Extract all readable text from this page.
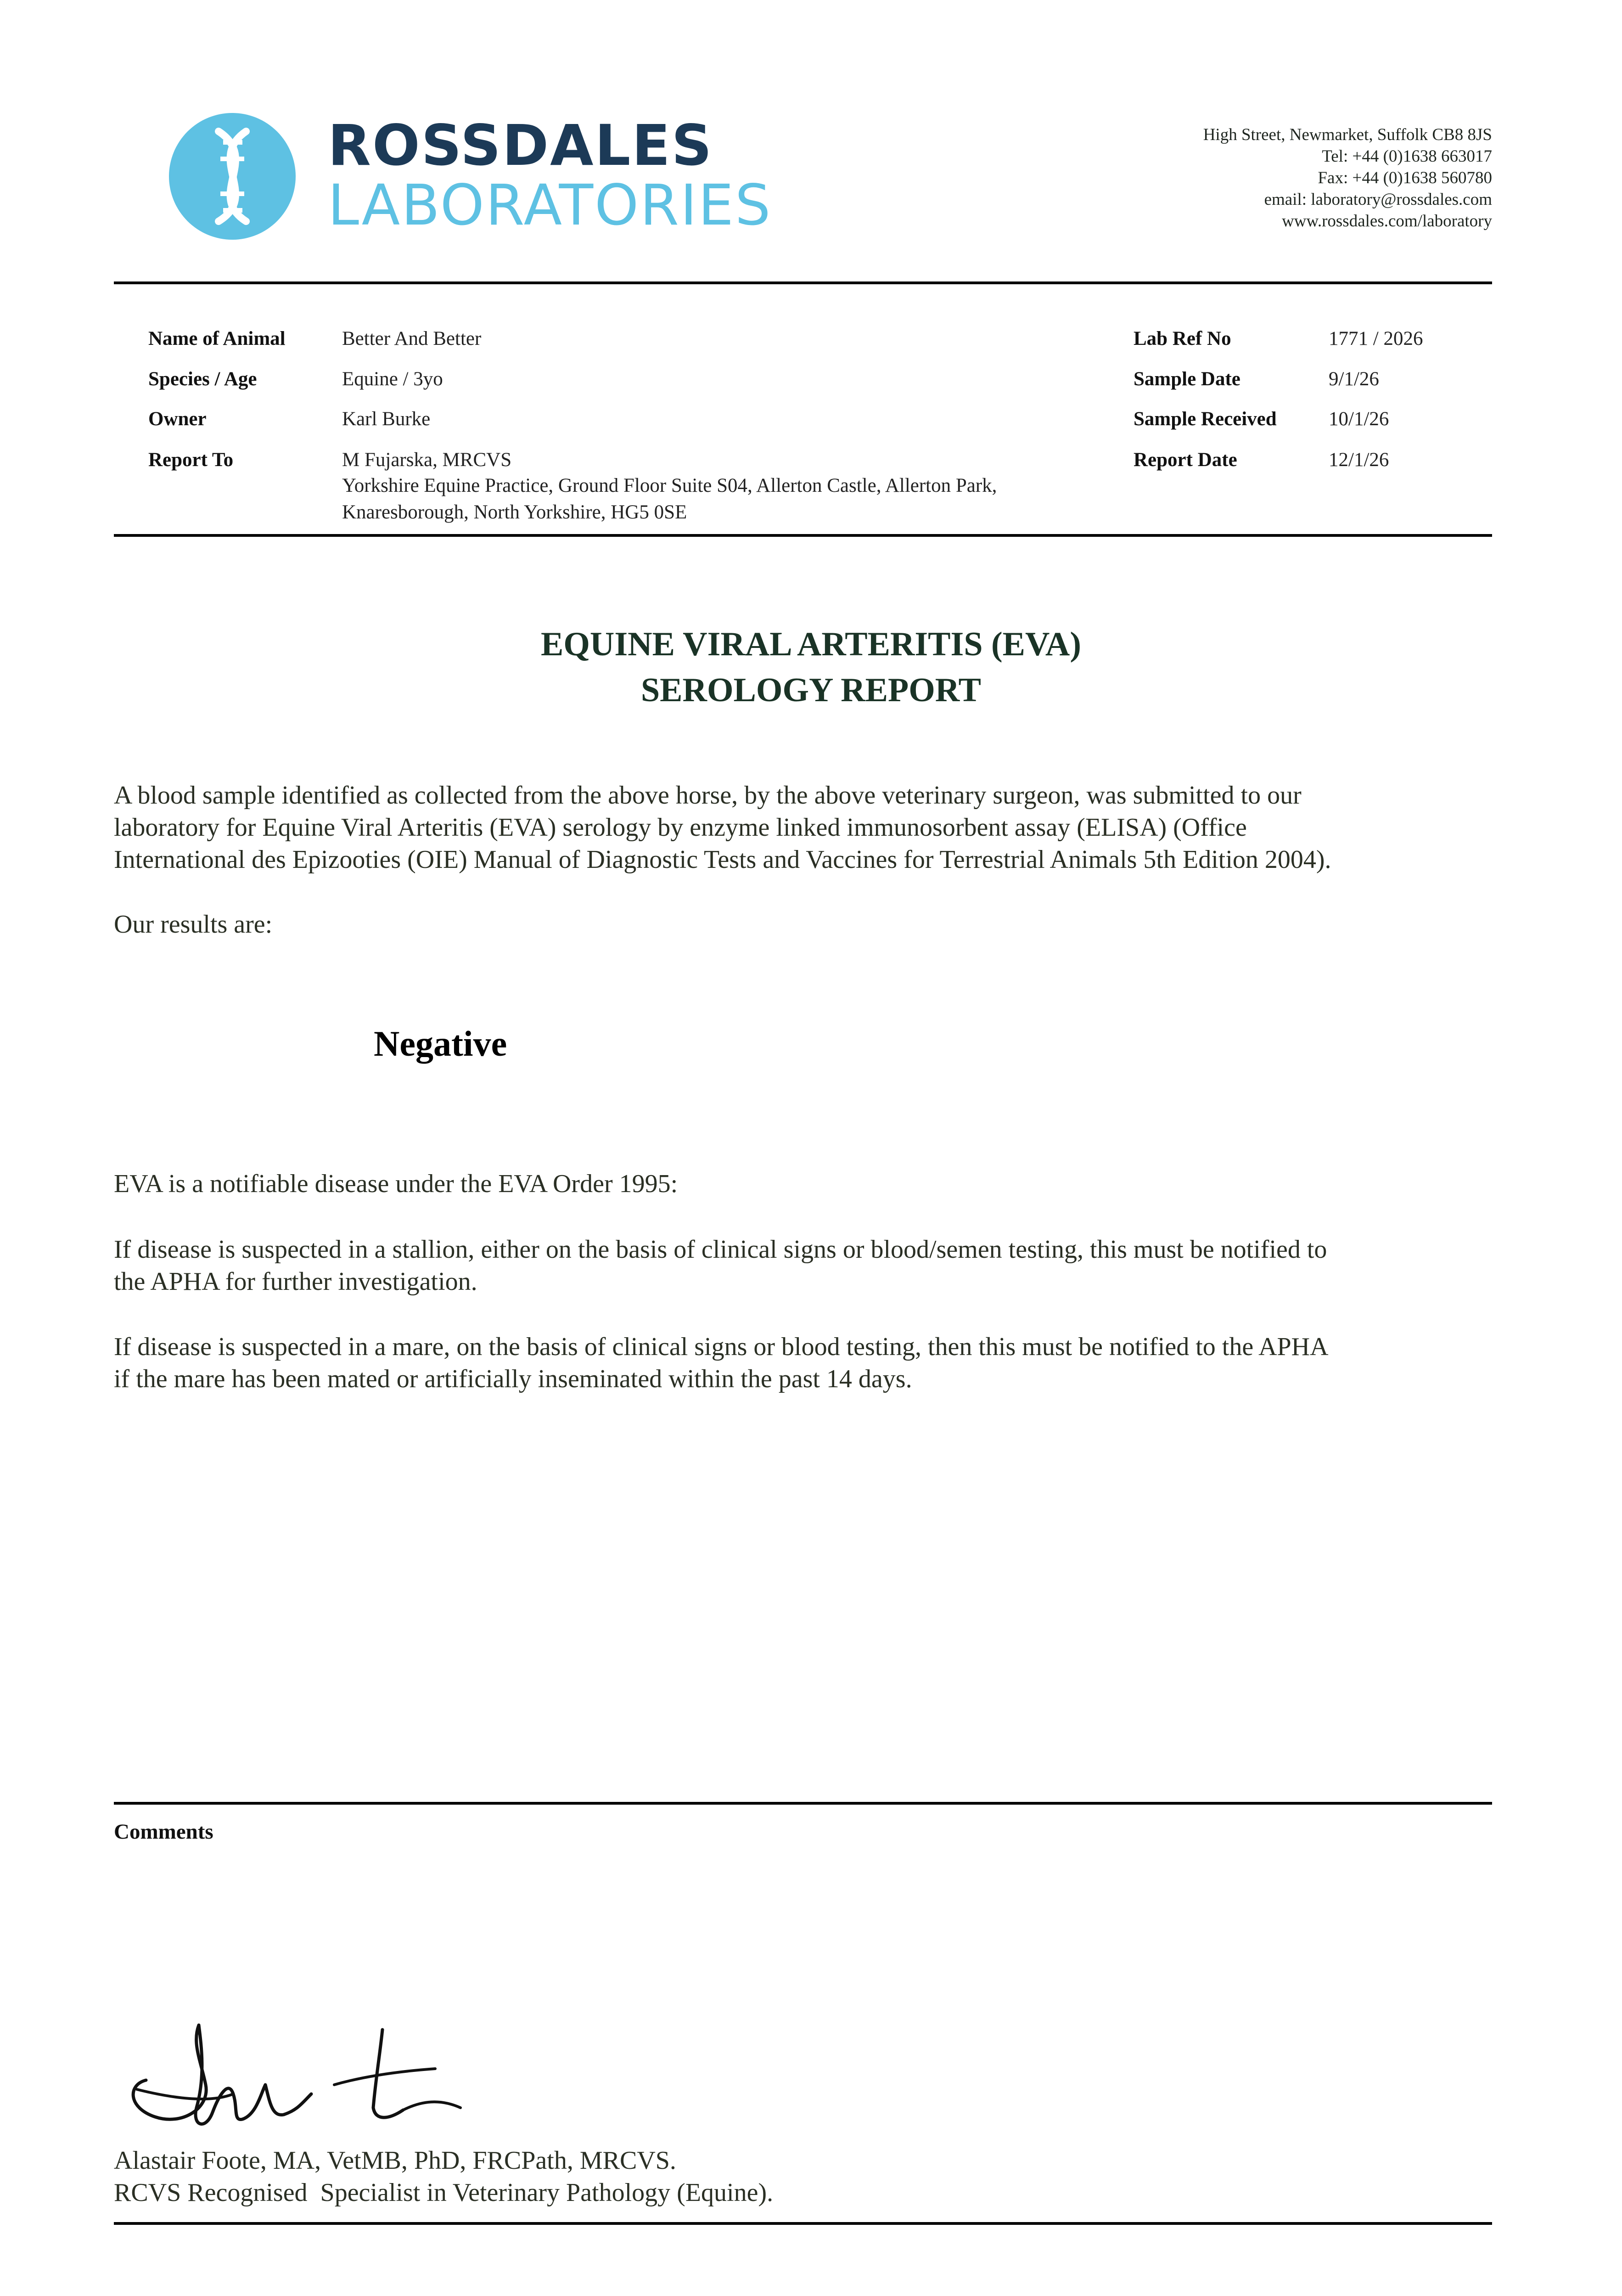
ROSSDALES
LABORATORIES
High Street, Newmarket, Suffolk CB8 8JS
Tel: +44 (0)1638 663017
Fax: +44 (0)1638 560780
email: laboratory@rossdales.com
www.rossdales.com/laboratory
Name of Animal	Better And Better
Species / Age	Equine / 3yo
Owner	Karl Burke
Report To	M Fujarska, MRCVS
Yorkshire Equine Practice, Ground Floor Suite S04, Allerton Castle, Allerton Park,
Knaresborough, North Yorkshire, HG5 0SE
Lab Ref No	1771 / 2026
Sample Date	9/1/26
Sample Received	10/1/26
Report Date	12/1/26
EQUINE VIRAL ARTERITIS (EVA)
SEROLOGY REPORT
A blood sample identified as collected from the above horse, by the above veterinary surgeon, was submitted to our
laboratory for Equine Viral Arteritis (EVA) serology by enzyme linked immunosorbent assay (ELISA) (Office
International des Epizooties (OIE) Manual of Diagnostic Tests and Vaccines for Terrestrial Animals 5th Edition 2004).
Our results are:
Negative
EVA is a notifiable disease under the EVA Order 1995:
If disease is suspected in a stallion, either on the basis of clinical signs or blood/semen testing, this must be notified to
the APHA for further investigation.
If disease is suspected in a mare, on the basis of clinical signs or blood testing, then this must be notified to the APHA
if the mare has been mated or artificially inseminated within the past 14 days.
Comments
Alastair Foote, MA, VetMB, PhD, FRCPath, MRCVS.
RCVS Recognised  Specialist in Veterinary Pathology (Equine).
